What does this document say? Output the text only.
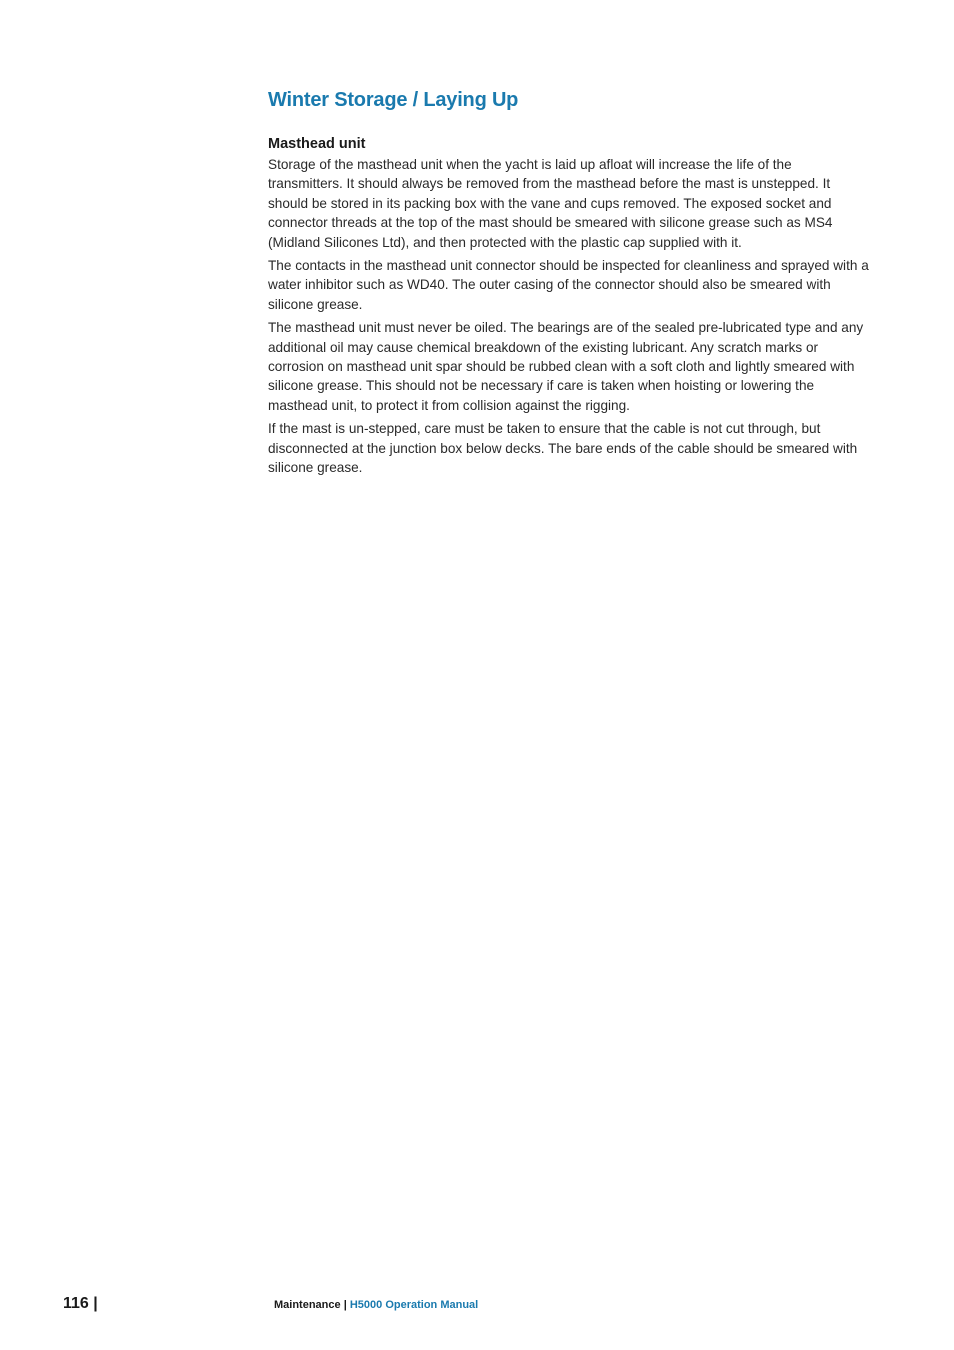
Winter Storage / Laying Up
Masthead unit

Storage of the masthead unit when the yacht is laid up afloat will increase the life of the transmitters. It should always be removed from the masthead before the mast is unstepped. It should be stored in its packing box with the vane and cups removed. The exposed socket and connector threads at the top of the mast should be smeared with silicone grease such as MS4 (Midland Silicones Ltd), and then protected with the plastic cap supplied with it.

The contacts in the masthead unit connector should be inspected for cleanliness and sprayed with a water inhibitor such as WD40. The outer casing of the connector should also be smeared with silicone grease.

The masthead unit must never be oiled. The bearings are of the sealed pre-lubricated type and any additional oil may cause chemical breakdown of the existing lubricant. Any scratch marks or corrosion on masthead unit spar should be rubbed clean with a soft cloth and lightly smeared with silicone grease. This should not be necessary if care is taken when hoisting or lowering the masthead unit, to protect it from collision against the rigging.

If the mast is un-stepped, care must be taken to ensure that the cable is not cut through, but disconnected at the junction box below decks. The bare ends of the cable should be smeared with silicone grease.

116 |	Maintenance | H5000 Operation Manual
